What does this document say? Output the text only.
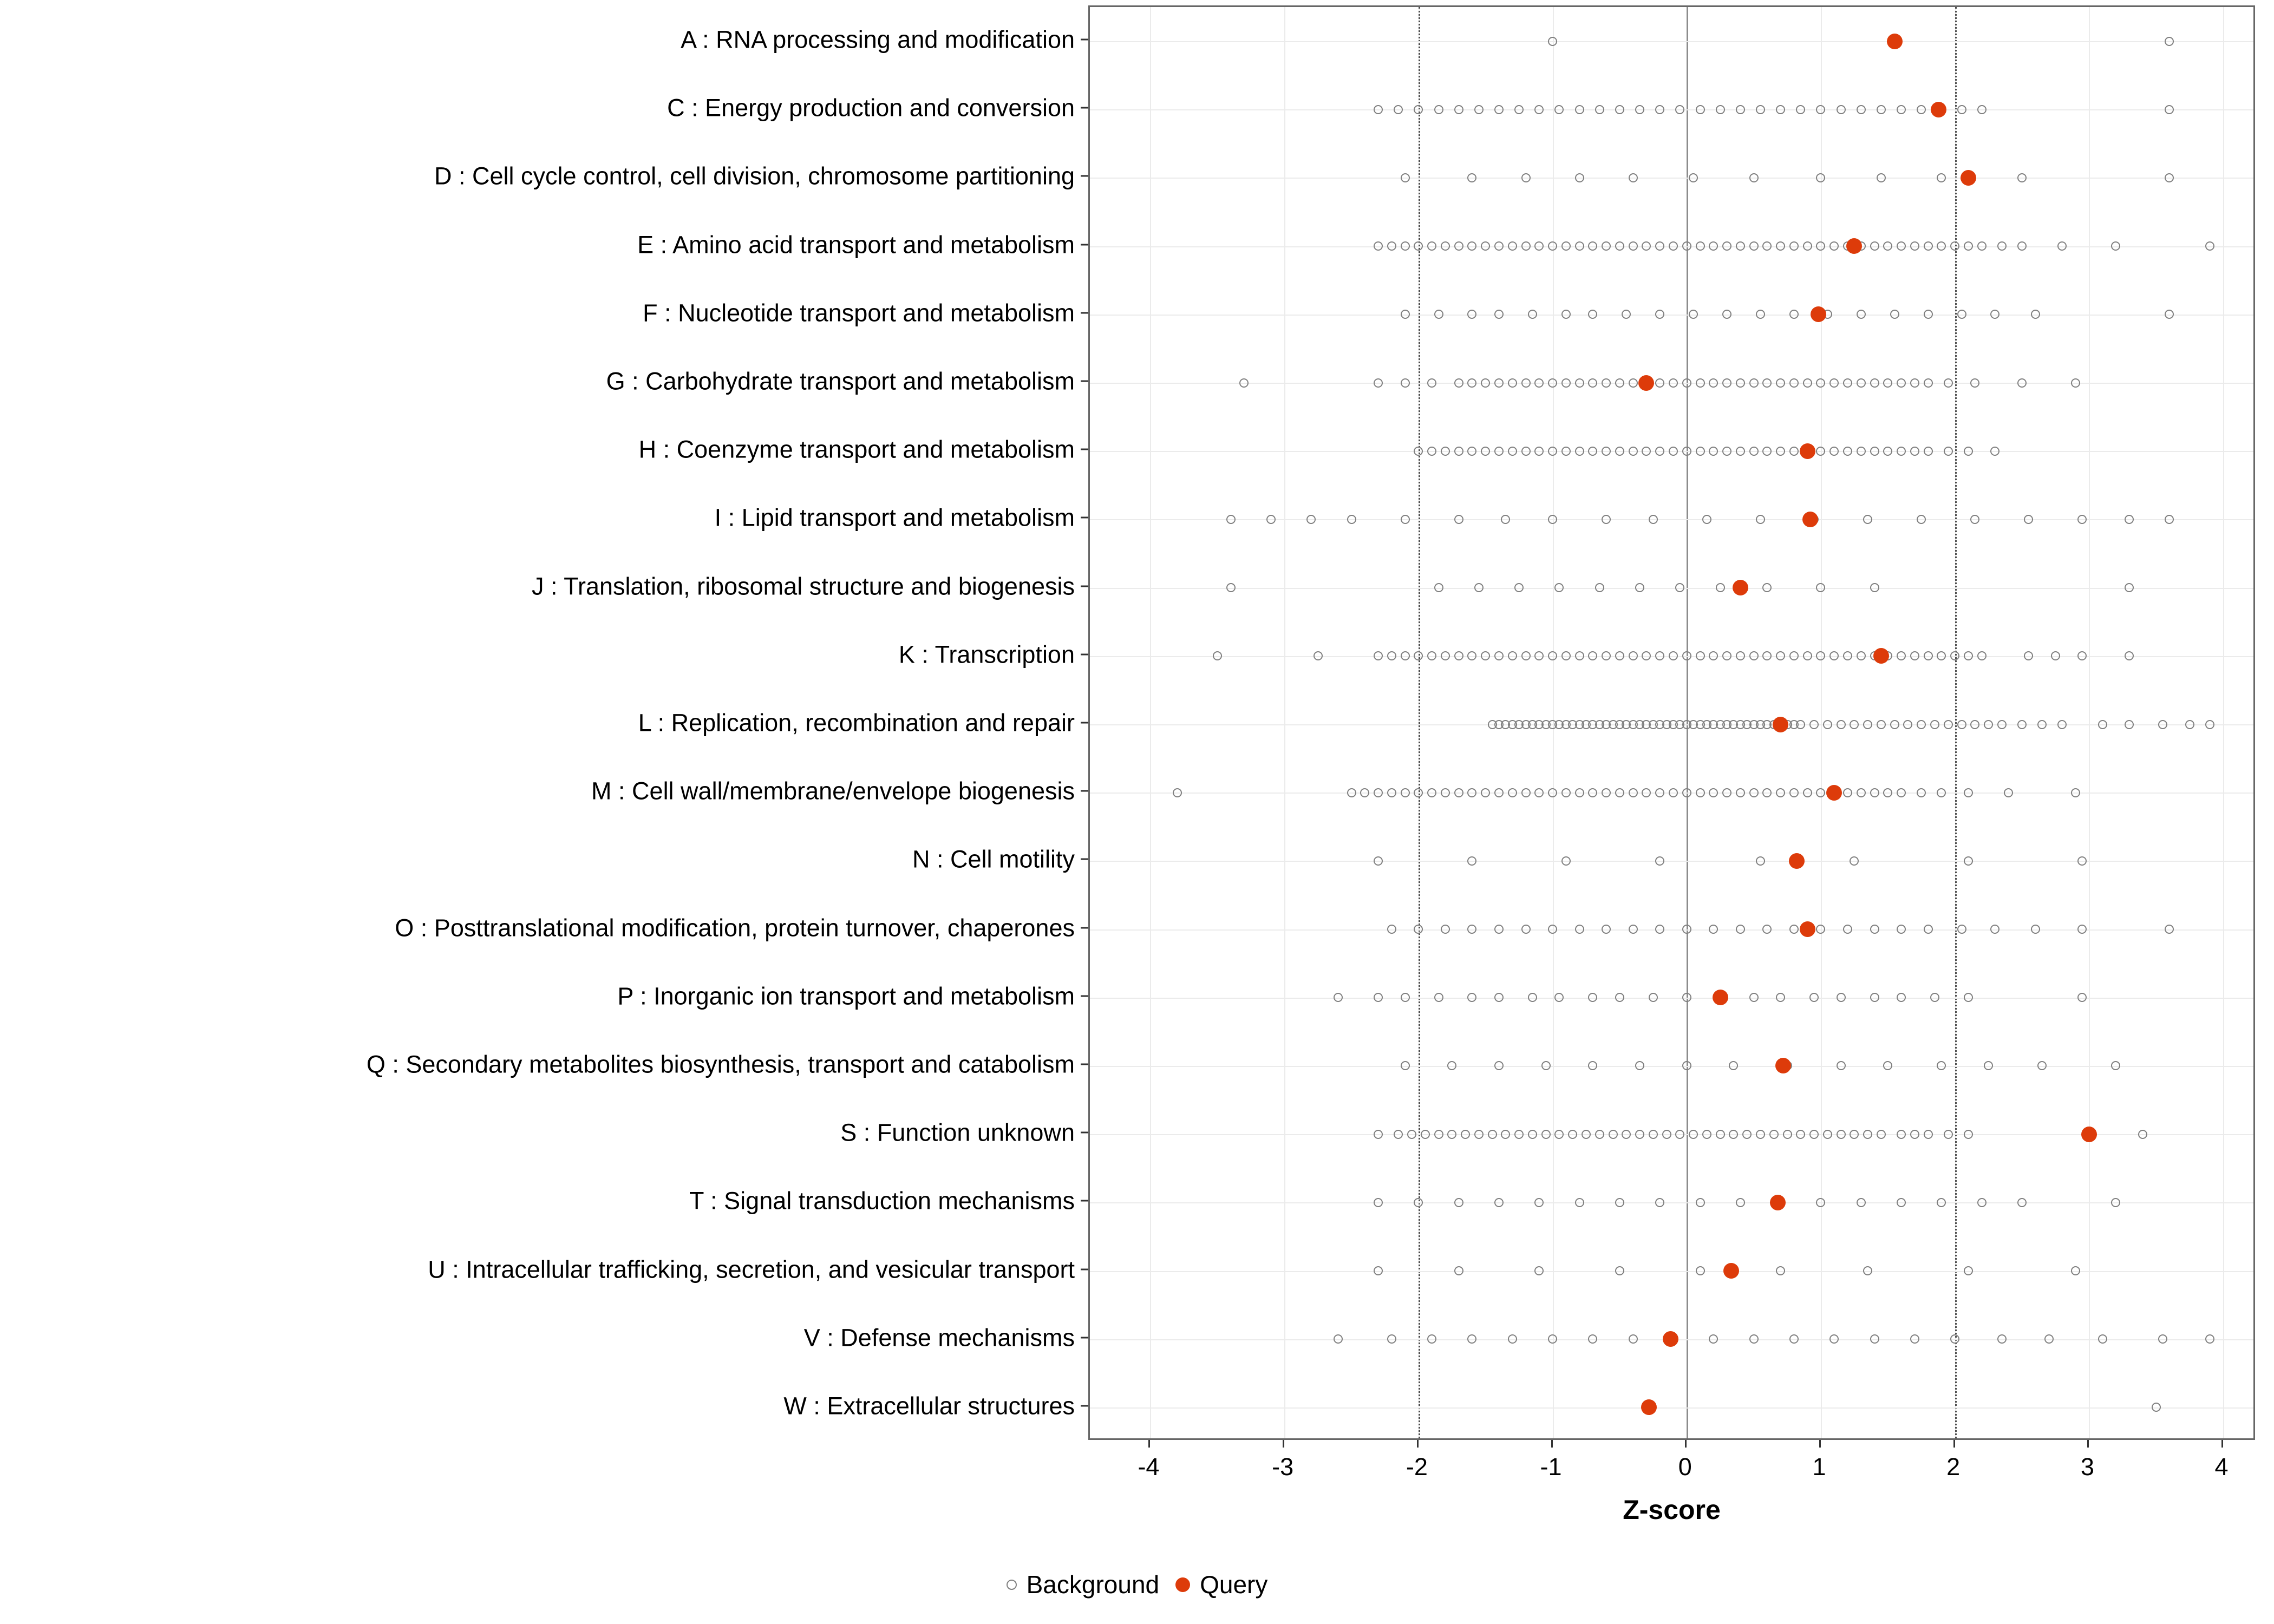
A : RNA processing and modification
C : Energy production and conversion
D : Cell cycle control, cell division, chromosome partitioning
E : Amino acid transport and metabolism
F : Nucleotide transport and metabolism
G : Carbohydrate transport and metabolism
H : Coenzyme transport and metabolism
I : Lipid transport and metabolism
J : Translation, ribosomal structure and biogenesis
K : Transcription
L : Replication, recombination and repair
M : Cell wall/membrane/envelope biogenesis
N : Cell motility
O : Posttranslational modification, protein turnover, chaperones
P : Inorganic ion transport and metabolism
Q : Secondary metabolites biosynthesis, transport and catabolism
S : Function unknown
T : Signal transduction mechanisms
U : Intracellular trafficking, secretion, and vesicular transport
V : Defense mechanisms
W : Extracellular structures
-4	-3	-2	-1	0	1	2	3	4
Z-score
Background Query
